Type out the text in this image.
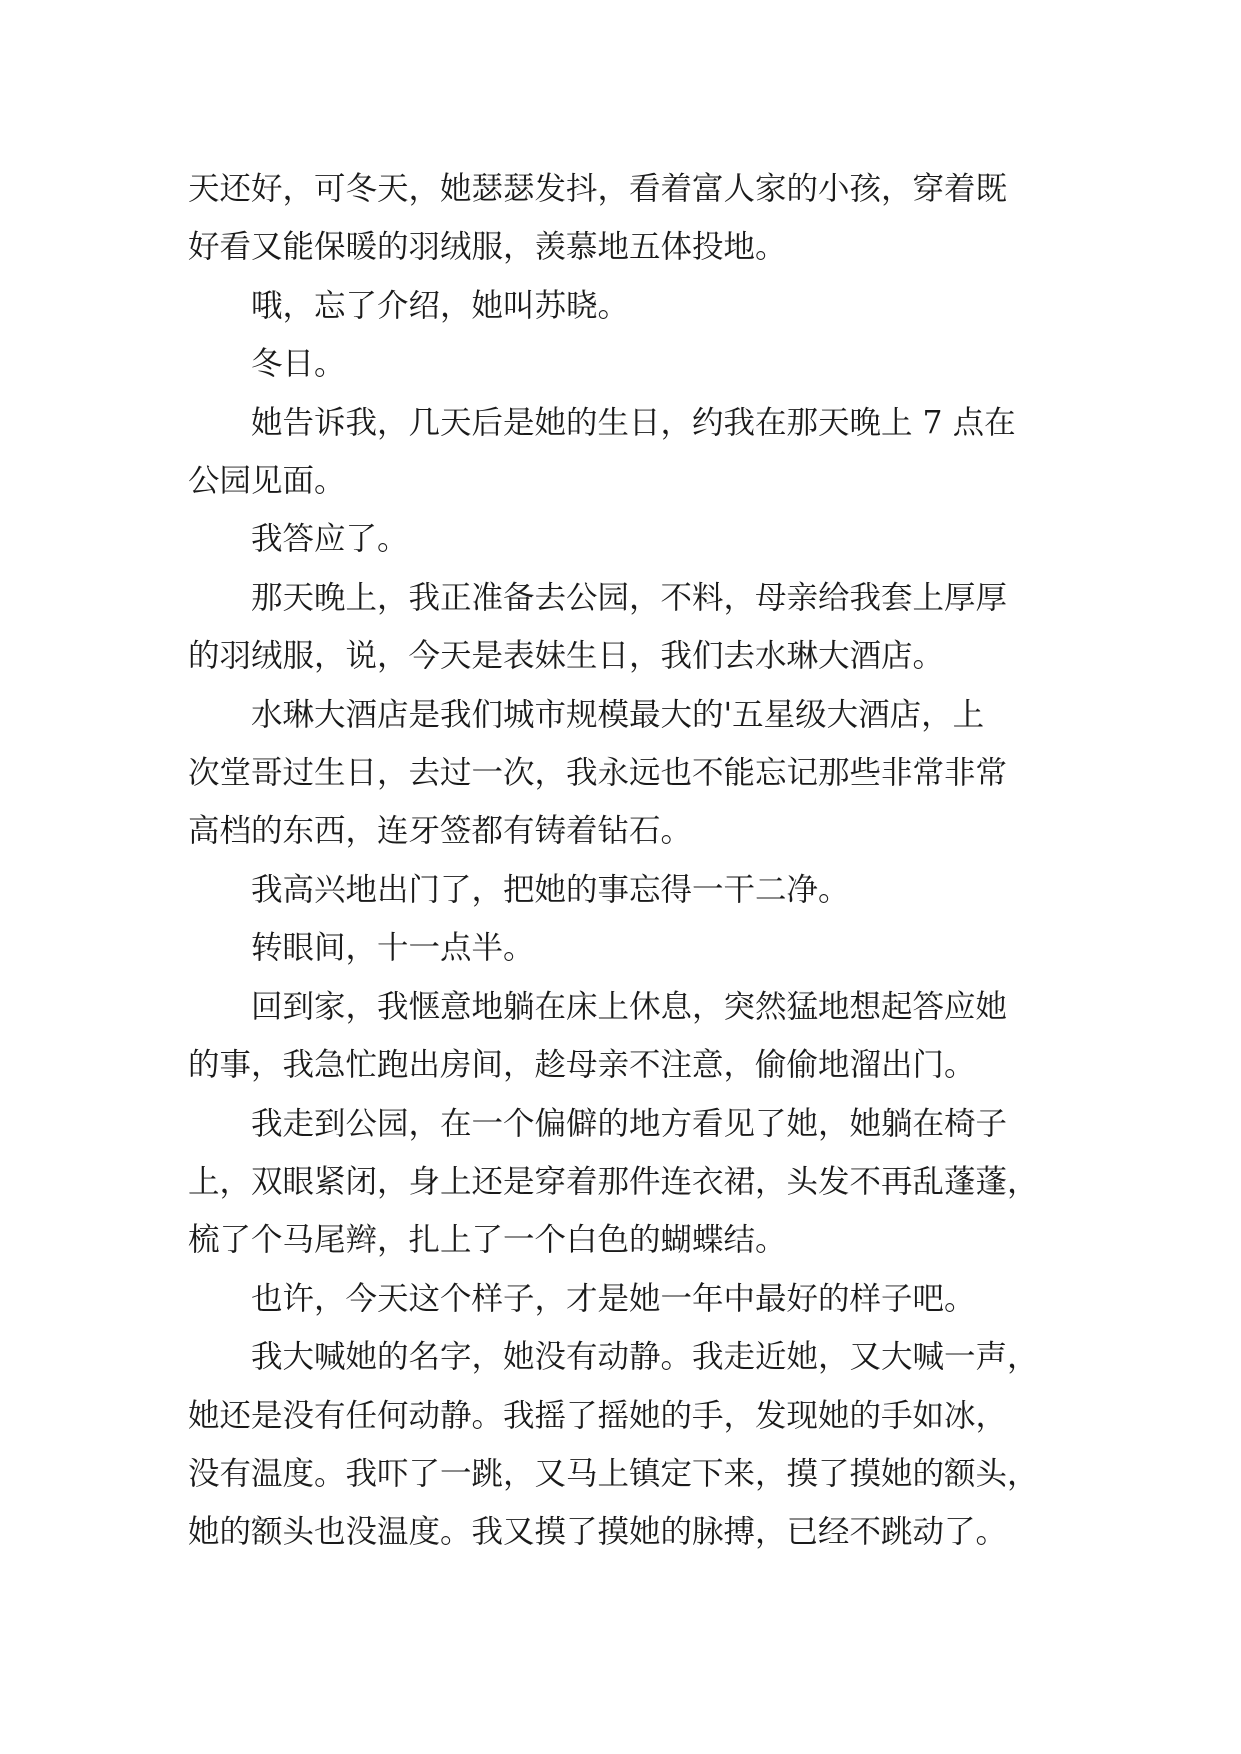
天还好，可冬天，她瑟瑟发抖，看着富人家的小孩，穿着既
好看又能保暖的羽绒服，羡慕地五体投地。

哦，忘了介绍，她叫苏晓。

冬日。

她告诉我，几天后是她的生日，约我在那天晚上 7 点在
公园见面。

我答应了。

那天晚上，我正准备去公园，不料，母亲给我套上厚厚
的羽绒服，说，今天是表妹生日，我们去水琳大酒店。

水琳大酒店是我们城市规模最大的'五星级大酒店，上
次堂哥过生日，去过一次，我永远也不能忘记那些非常非常
高档的东西，连牙签都有铸着钻石。

我高兴地出门了，把她的事忘得一干二净。

转眼间，十一点半。

回到家，我惬意地躺在床上休息，突然猛地想起答应她
的事，我急忙跑出房间，趁母亲不注意，偷偷地溜出门。

我走到公园，在一个偏僻的地方看见了她，她躺在椅子
上，双眼紧闭，身上还是穿着那件连衣裙，头发不再乱蓬蓬，
梳了个马尾辫，扎上了一个白色的蝴蝶结。

也许，今天这个样子，才是她一年中最好的样子吧。

我大喊她的名字，她没有动静。我走近她，又大喊一声，
她还是没有任何动静。我摇了摇她的手，发现她的手如冰，
没有温度。我吓了一跳，又马上镇定下来，摸了摸她的额头，
她的额头也没温度。我又摸了摸她的脉搏，已经不跳动了。
